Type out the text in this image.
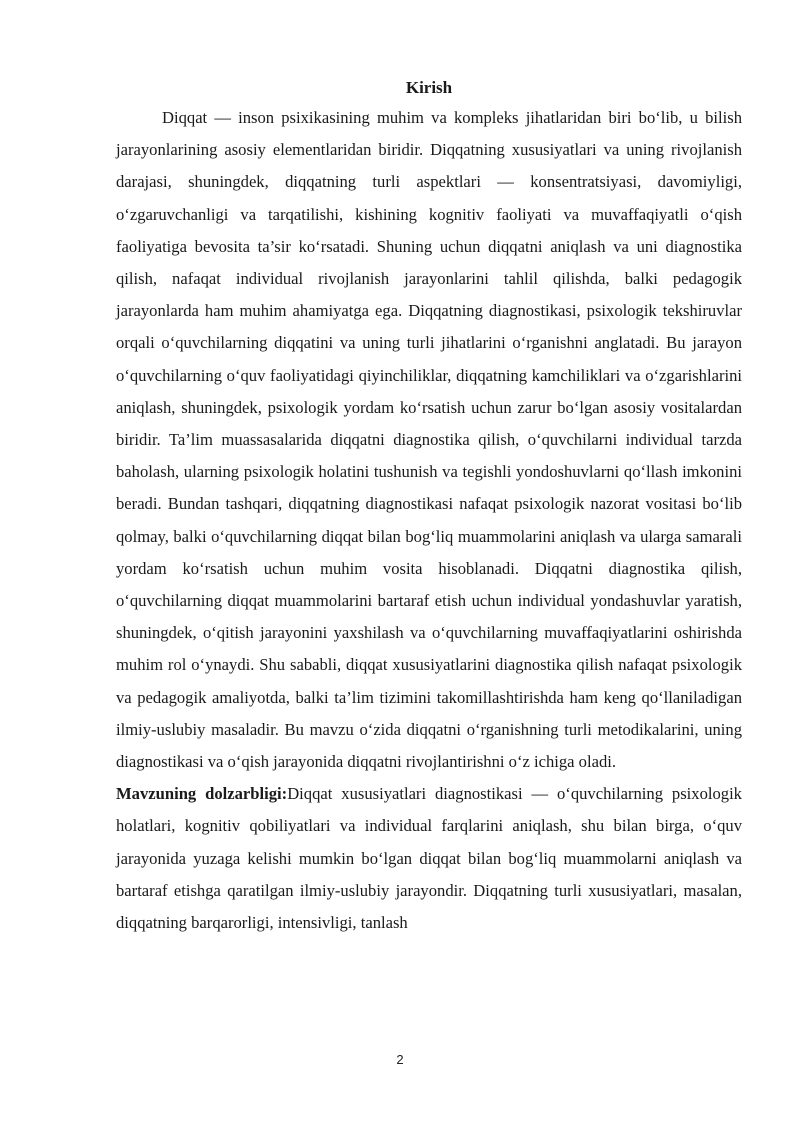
Kirish

Diqqat — inson psixikasining muhim va kompleks jihatlaridan biri bo‘lib, u bilish jarayonlarining asosiy elementlaridan biridir. Diqqatning xususiyatlari va uning rivojlanish darajasi, shuningdek, diqqatning turli aspektlari — konsentratsiyasi, davomiyligi, o‘zgaruvchanligi va tarqatilishi, kishining kognitiv faoliyati va muvaffaqiyatli o‘qish faoliyatiga bevosita ta’sir ko‘rsatadi. Shuning uchun diqqatni aniqlash va uni diagnostika qilish, nafaqat individual rivojlanish jarayonlarini tahlil qilishda, balki pedagogik jarayonlarda ham muhim ahamiyatga ega. Diqqatning diagnostikasi, psixologik tekshiruvlar orqali o‘quvchilarning diqqatini va uning turli jihatlarini o‘rganishni anglatadi. Bu jarayon o‘quvchilarning o‘quv faoliyatidagi qiyinchiliklar, diqqatning kamchiliklari va o‘zgarishlarini aniqlash, shuningdek, psixologik yordam ko‘rsatish uchun zarur bo‘lgan asosiy vositalardan biridir. Ta’lim muassasalarida diqqatni diagnostika qilish, o‘quvchilarni individual tarzda baholash, ularning psixologik holatini tushunish va tegishli yondoshuvlarni qo‘llash imkonini beradi. Bundan tashqari, diqqatning diagnostikasi nafaqat psixologik nazorat vositasi bo‘lib qolmay, balki o‘quvchilarning diqqat bilan bog‘liq muammolarini aniqlash va ularga samarali yordam ko‘rsatish uchun muhim vosita hisoblanadi. Diqqatni diagnostika qilish, o‘quvchilarning diqqat muammolarini bartaraf etish uchun individual yondashuvlar yaratish, shuningdek, o‘qitish jarayonini yaxshilash va o‘quvchilarning muvaffaqiyatlarini oshirishda muhim rol o‘ynaydi. Shu sababli, diqqat xususiyatlarini diagnostika qilish nafaqat psixologik va pedagogik amaliyotda, balki ta’lim tizimini takomillashtirishda ham keng qo‘llaniladigan ilmiy-uslubiy masaladir. Bu mavzu o‘zida diqqatni o‘rganishning turli metodikalarini, uning diagnostikasi va o‘qish jarayonida diqqatni rivojlantirishni o‘z ichiga oladi.

Mavzuning dolzarbligi:Diqqat xususiyatlari diagnostikasi — o‘quvchilarning psixologik holatlari, kognitiv qobiliyatlari va individual farqlarini aniqlash, shu bilan birga, o‘quv jarayonida yuzaga kelishi mumkin bo‘lgan diqqat bilan bog‘liq muammolarni aniqlash va bartaraf etishga qaratilgan ilmiy-uslubiy jarayondir. Diqqatning turli xususiyatlari, masalan, diqqatning barqarorligi, intensivligi, tanlash

2
